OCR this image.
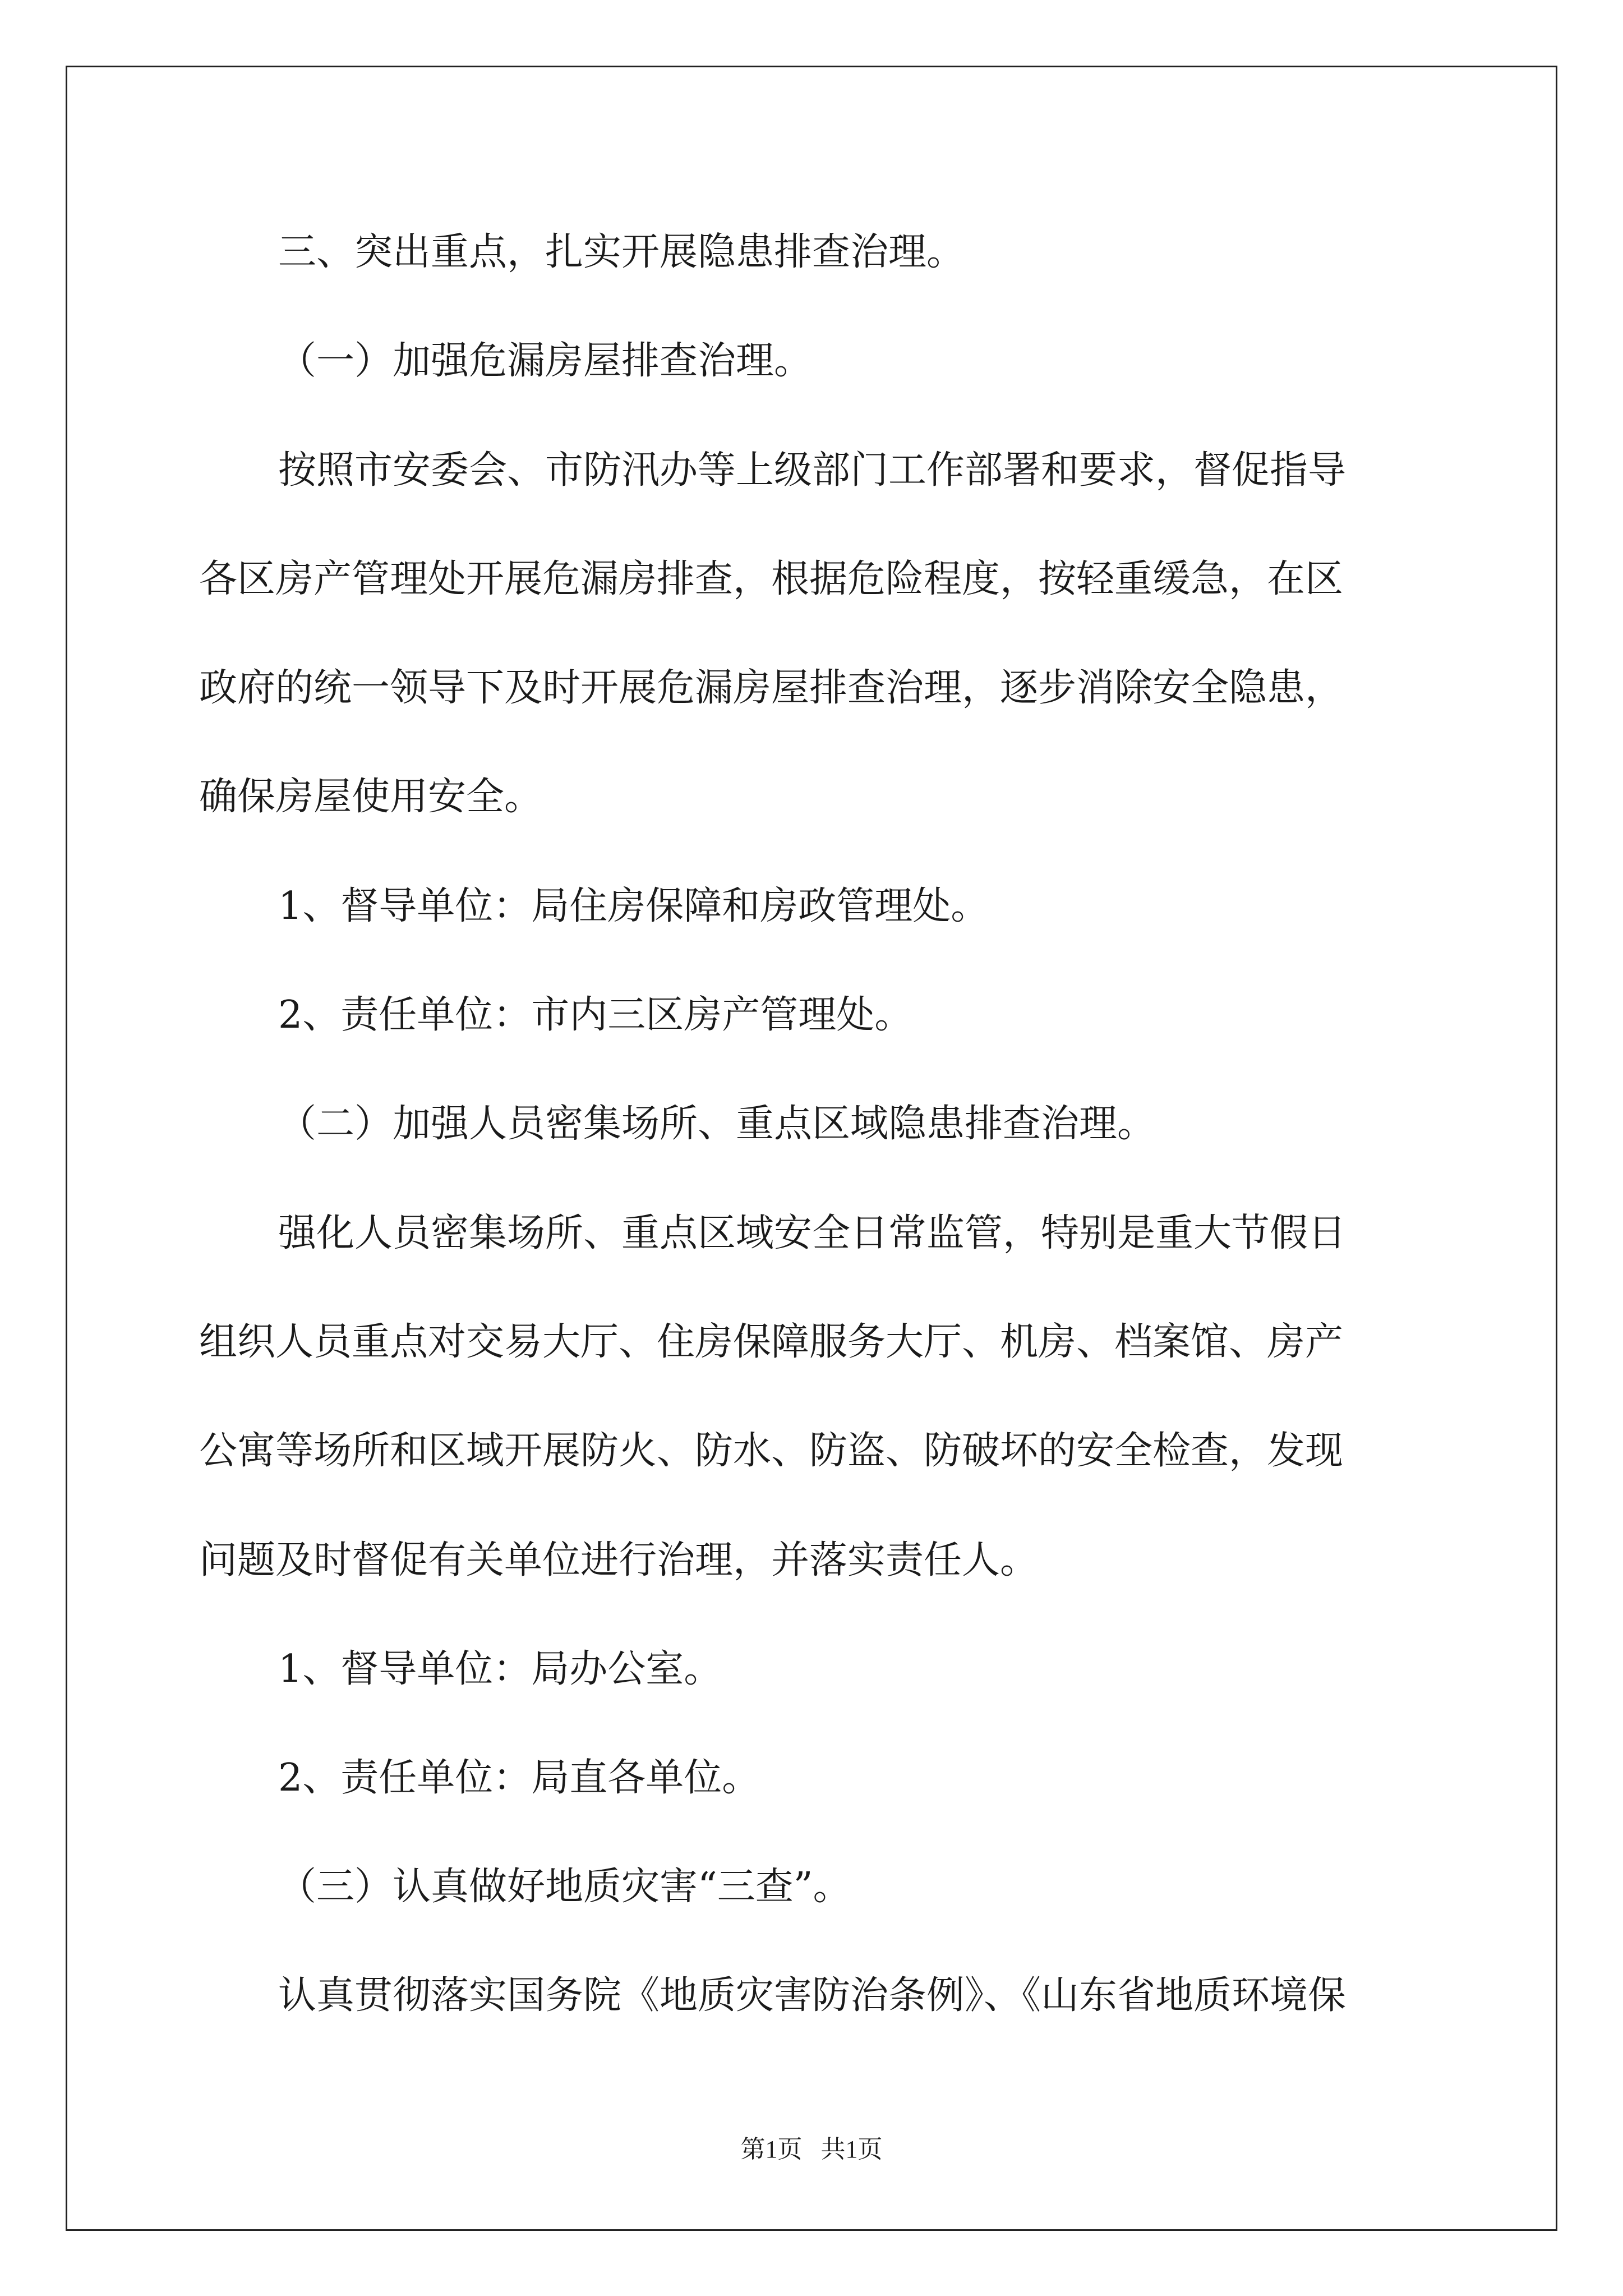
三、突出重点，扎实开展隐患排查治理。

（一）加强危漏房屋排查治理。

按照市安委会、市防汛办等上级部门工作部署和要求，督促指导

各区房产管理处开展危漏房排查，根据危险程度，按轻重缓急，在区

政府的统一领导下及时开展危漏房屋排查治理，逐步消除安全隐患，

确保房屋使用安全。

1、督导单位：局住房保障和房政管理处。

2、责任单位：市内三区房产管理处。

（二）加强人员密集场所、重点区域隐患排查治理。

强化人员密集场所、重点区域安全日常监管，特别是重大节假日

组织人员重点对交易大厅、住房保障服务大厅、机房、档案馆、房产

公寓等场所和区域开展防火、防水、防盗、防破坏的安全检查，发现

问题及时督促有关单位进行治理，并落实责任人。

1、督导单位：局办公室。

2、责任单位：局直各单位。

（三）认真做好地质灾害“三查”。

认真贯彻落实国务院《地质灾害防治条例》、《山东省地质环境保

第1页   共1页
